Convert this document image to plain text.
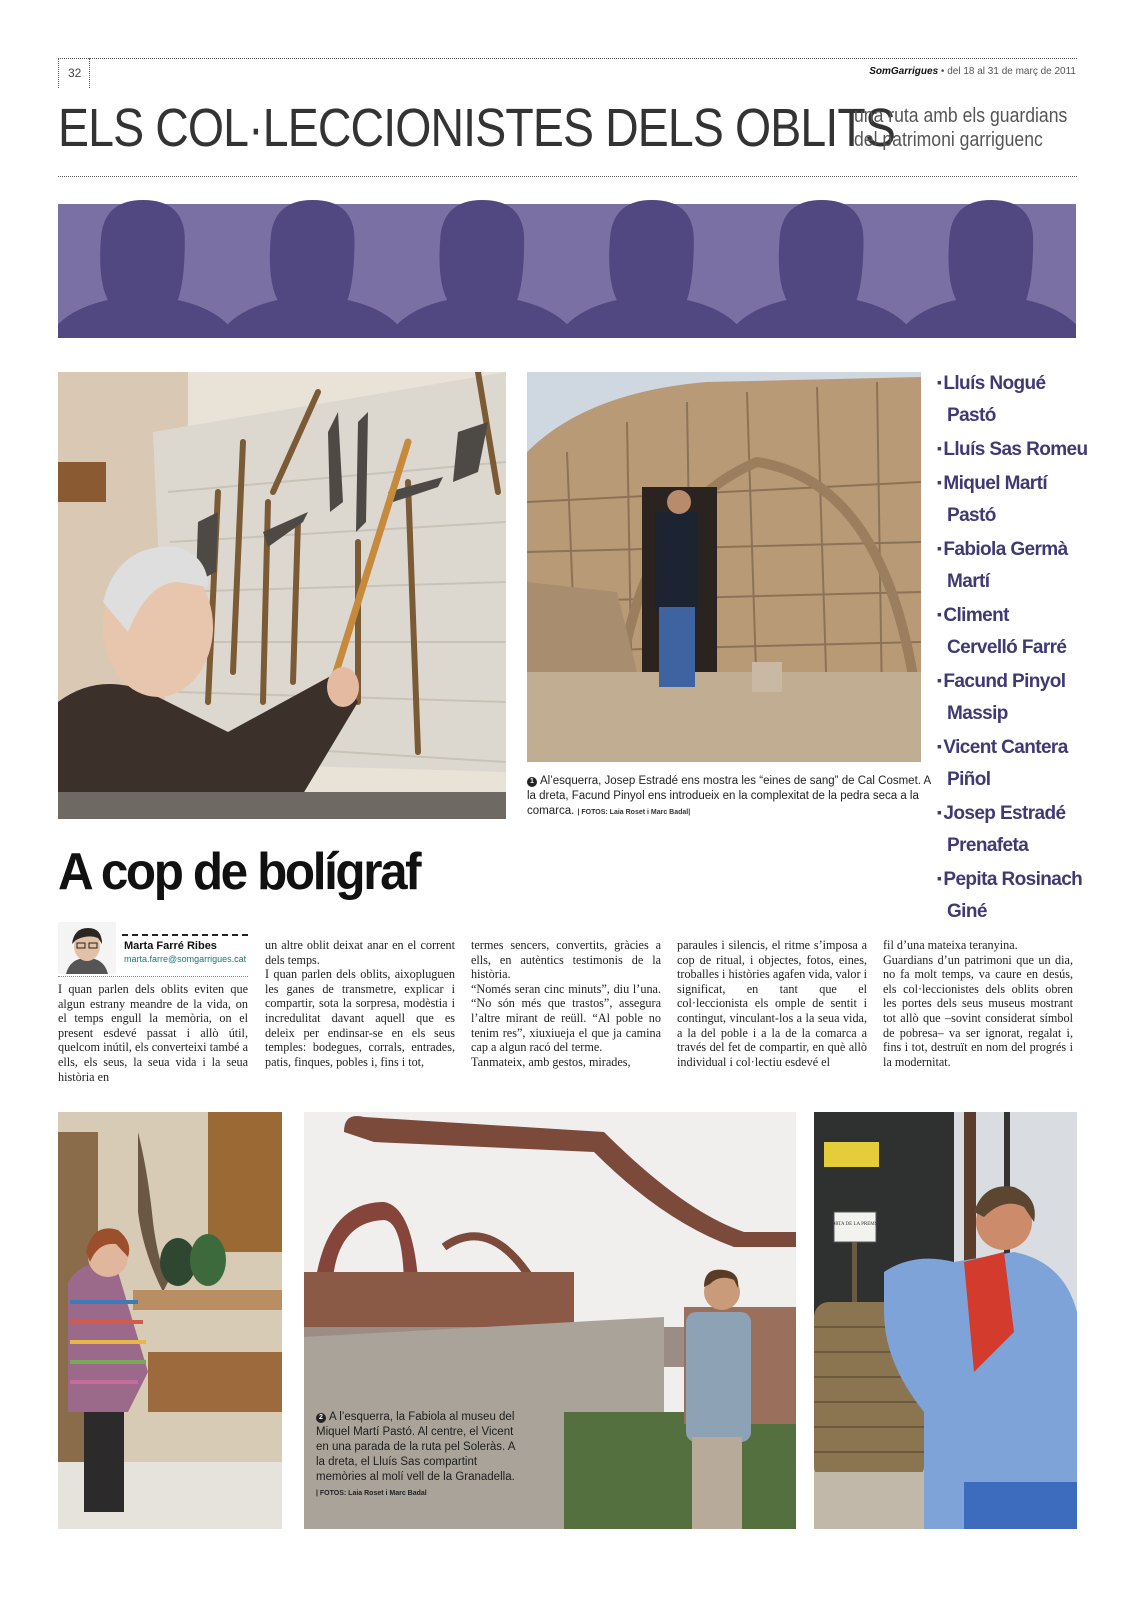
32	SomGarrigues • del 18 al 31 de març de 2011
ELS COL·LECCIONISTES DELS OBLITS
una ruta amb els guardians
del patrimoni garriguenc
1 Al’esquerra, Josep Estradé ens mostra les “eines de sang” de Cal Cosmet. A la dreta, Facund Pinyol ens introdueix en la complexitat de la pedra seca a la comarca. | FOTOS: Laia Roset i Marc Badal|
▪ Lluís Nogué
Pastó
▪ Lluís Sas Romeu
▪ Miquel Martí
Pastó
▪ Fabiola Germà
Martí
▪ Climent
Cervelló Farré
▪ Facund Pinyol
Massip
▪ Vicent Cantera
Piñol
▪ Josep Estradé
Prenafeta
▪ Pepita Rosinach
Giné
A cop de bolígraf
Marta Farré Ribes
marta.farre@somgarrigues.cat

I quan parlen dels oblits eviten que algun estrany meandre de la vida, on el temps engull la memòria, on el present esdevé passat i allò útil, quelcom inútil, els converteixi també a ells, els seus, la seua vida i la seua història en

un altre oblit deixat anar en el corrent dels temps.

I quan parlen dels oblits, aixopluguen les ganes de transmetre, explicar i compartir, sota la sorpresa, modèstia i incredulitat davant aquell que es deleix per endinsar-se en els seus temples: bodegues, corrals, entrades, patis, finques, pobles i, fins i tot,

termes sencers, convertits, gràcies a ells, en autèntics testimonis de la història.

“Només seran cinc minuts”, diu l’una. “No són més que trastos”, assegura l’altre mirant de reüll. “Al poble no tenim res”, xiuxiueja el que ja camina cap a algun racó del terme.

Tanmateix, amb gestos, mirades,

paraules i silencis, el ritme s’imposa a cop de ritual, i objectes, fotos, eines, troballes i històries agafen vida, valor i significat, en tant que el col·leccionista els omple de sentit i contingut, vinculant-los a la seua vida, a la del poble i a la de la comarca a través del fet de compartir, en què allò individual i col·lectiu esdevé el

fil d’una mateixa teranyina.

Guardians d’un patrimoni que un dia, no fa molt temps, va caure en desús, els col·leccionistes dels oblits obren les portes dels seus museus mostrant tot allò que –sovint considerat símbol de pobresa– va ser ignorat, regalat i, fins i tot, destruït en nom del progrés i la modernitat.

2 A l’esquerra, la Fabiola al museu del Miquel Martí Pastó. Al centre, el Vicent en una parada de la ruta pel Soleràs. A la dreta, el Lluís Sas compartint memòries al molí vell de la Granadella.
| FOTOS: Laia Roset i Marc Badal
PORTA DE LA PREMSA
